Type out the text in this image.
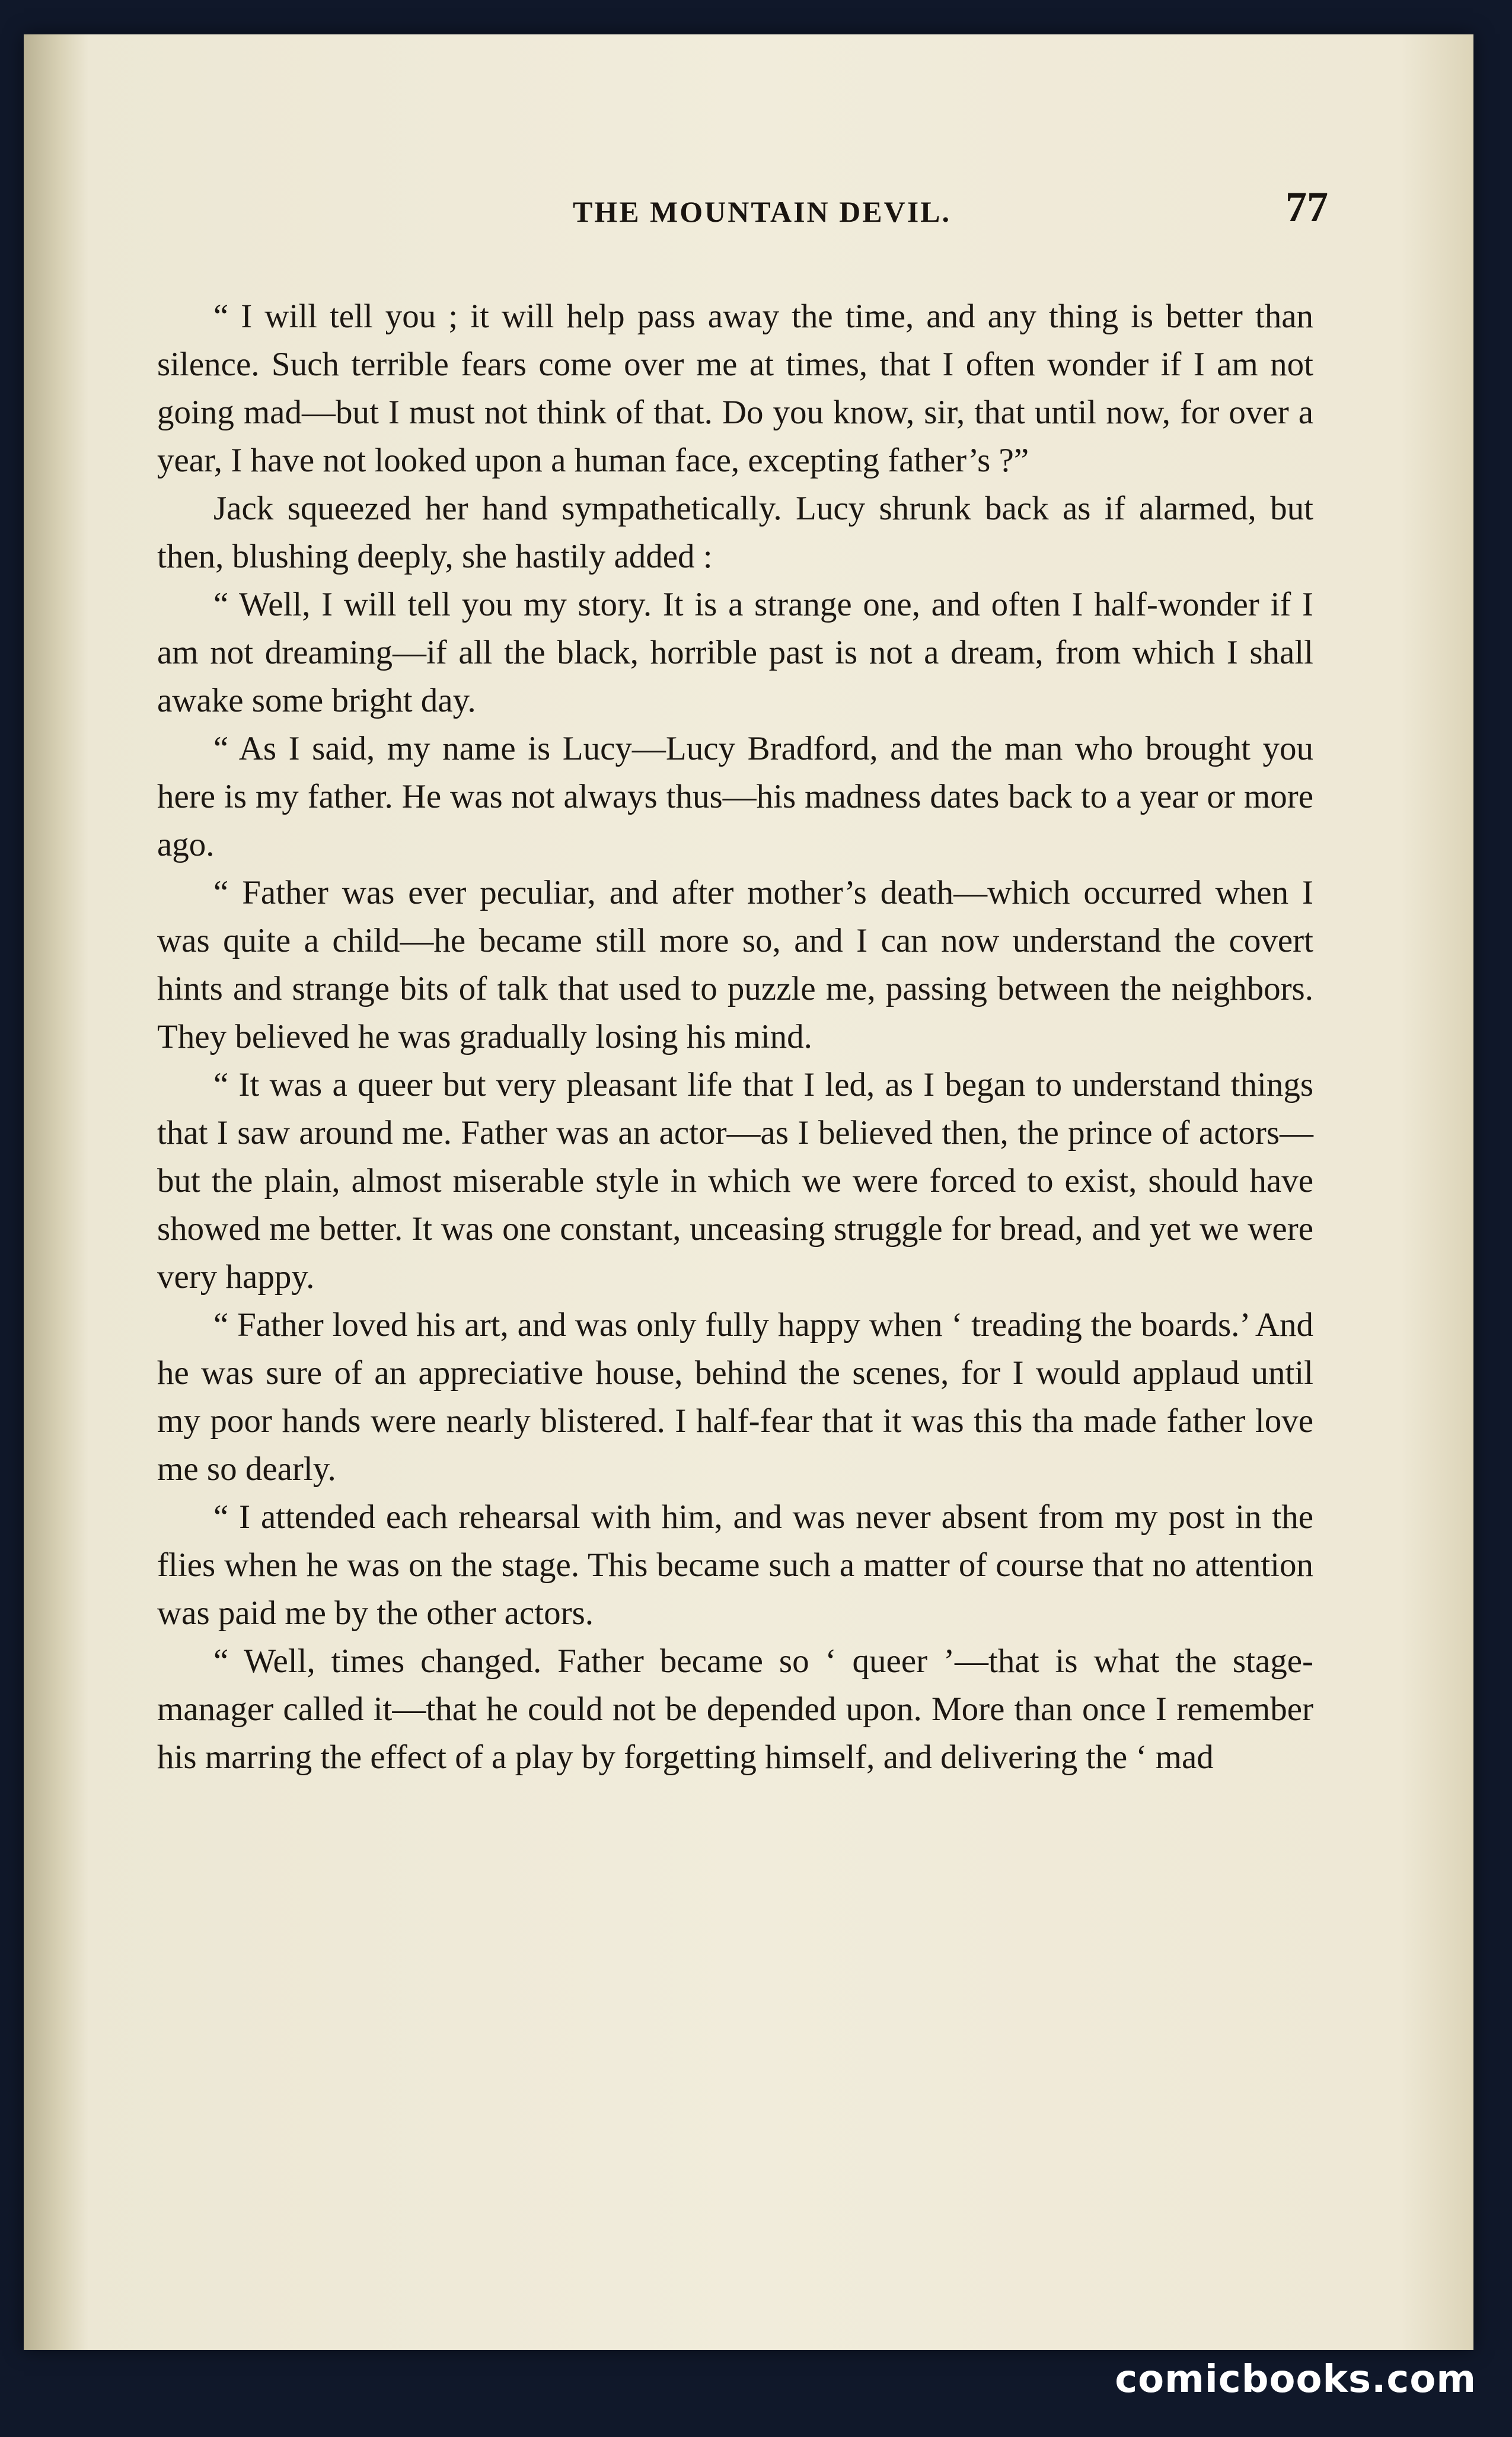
THE MOUNTAIN DEVIL.	77

“ I will tell you ; it will help pass away the time, and any thing is better than silence. Such terrible fears come over me at times, that I often wonder if I am not going mad—but I must not think of that. Do you know, sir, that until now, for over a year, I have not looked upon a human face, excepting father’s ?”

Jack squeezed her hand sympathetically. Lucy shrunk back as if alarmed, but then, blushing deeply, she hastily added :

“ Well, I will tell you my story. It is a strange one, and often I half-wonder if I am not dreaming—if all the black, horrible past is not a dream, from which I shall awake some bright day.

“ As I said, my name is Lucy—Lucy Bradford, and the man who brought you here is my father. He was not always thus—his madness dates back to a year or more ago.

“ Father was ever peculiar, and after mother’s death—which occurred when I was quite a child—he became still more so, and I can now understand the covert hints and strange bits of talk that used to puzzle me, passing between the neighbors. They believed he was gradually losing his mind.

“ It was a queer but very pleasant life that I led, as I began to understand things that I saw around me. Father was an actor—as I believed then, the prince of actors—but the plain, almost miserable style in which we were forced to exist, should have showed me better. It was one constant, unceasing struggle for bread, and yet we were very happy.

“ Father loved his art, and was only fully happy when ‘ treading the boards.’ And he was sure of an appreciative house, behind the scenes, for I would applaud until my poor hands were nearly blistered. I half-fear that it was this tha made father love me so dearly.

“ I attended each rehearsal with him, and was never absent from my post in the flies when he was on the stage. This became such a matter of course that no attention was paid me by the other actors.

“ Well, times changed. Father became so ‘ queer ’—that is what the stage-manager called it—that he could not be depended upon. More than once I remember his marring the effect of a play by forgetting himself, and delivering the ‘ mad

comicbooks.com
